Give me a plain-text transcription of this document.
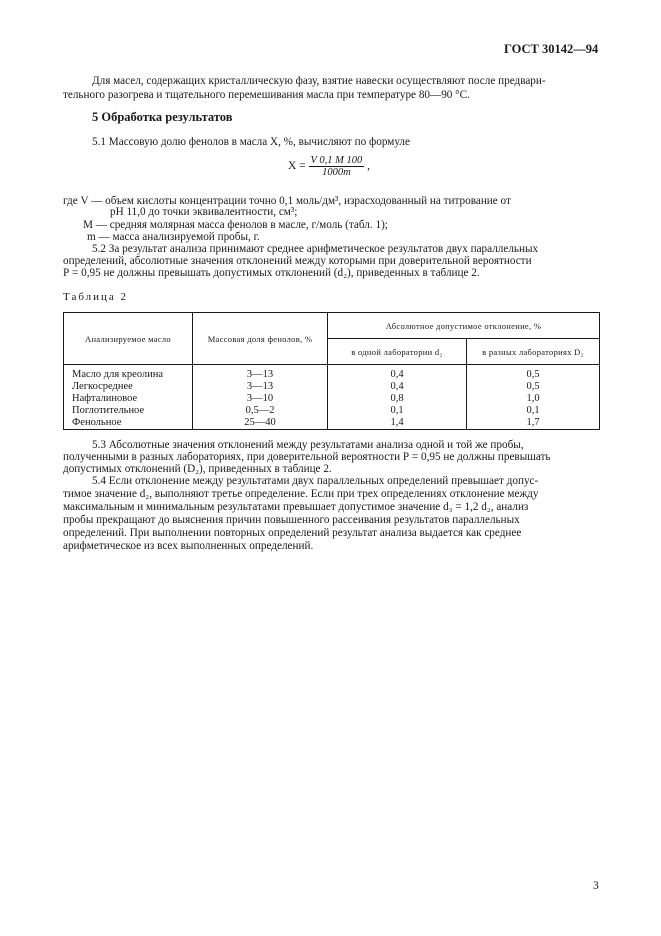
ГОСТ 30142—94
Для масел, содержащих кристаллическую фазу, взятие навески осуществляют после предвари-
тельного разогрева и тщательного перемешивания масла при температуре 80—90 °С.
5 Обработка результатов
5.1 Массовую долю фенолов в масла Х, %, вычисляют по формуле
$X = \frac{V 0,1 M 100}{1000m}$ ,
где V — объем кислоты концентрации точно 0,1 моль/дм³, израсходованный на титрование от
рН 11,0 до точки эквивалентности, см³;
М — средняя молярная масса фенолов в масле, г/моль (табл. 1);
m — масса анализируемой пробы, г.
5.2 За результат анализа принимают среднее арифметическое результатов двух параллельных
определений, абсолютные значения отклонений между которыми при доверительной вероятности
Р = 0,95 не должны превышать допустимых отклонений (d₂), приведенных в таблице 2.
Таблица 2
Анализируемое масло	Массовая доля фенолов, %	Абсолютное допустимое отклонение, %	
		в одной лаборатории d₂	в разных лабораториях D₂

Масло для креолина	3—13	0,4	0,5
Легкосреднее	3—13	0,4	0,5
Нафталиновое	3—10	0,8	1,0
Поглотительное	0,5—2	0,1	0,1
Фенольное	25—40	1,4	1,7
5.3 Абсолютные значения отклонений между результатами анализа одной и той же пробы,
полученными в разных лабораториях, при доверительной вероятности Р = 0,95 не должны превышать
допустимых отклонений (D₂), приведенных в таблице 2.
5.4 Если отклонение между результатами двух параллельных определений превышает допус-
тимое значение d₂, выполняют третье определение. Если при трех определениях отклонение между
максимальным и минимальным результатами превышает допустимое значение d₃ = 1,2 d₂, анализ
пробы прекращают до выяснения причин повышенного рассеивания результатов параллельных
определений. При выполнении повторных определений результат анализа выдается как среднее
арифметическое из всех выполненных определений.
3
